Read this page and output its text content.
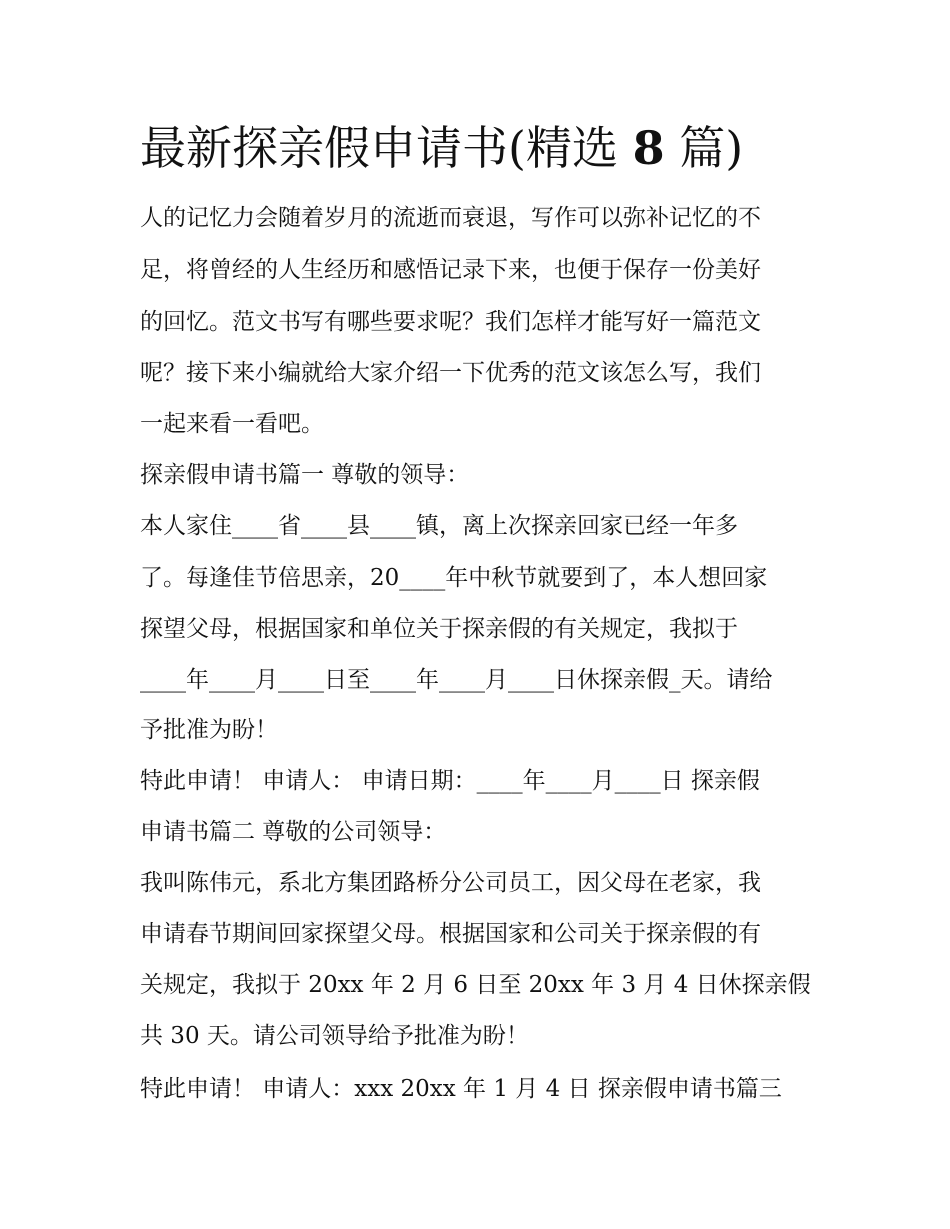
最新探亲假申请书(精选 8 篇)

人的记忆力会随着岁月的流逝而衰退，写作可以弥补记忆的不

足，将曾经的人生经历和感悟记录下来，也便于保存一份美好

的回忆。范文书写有哪些要求呢？我们怎样才能写好一篇范文

呢？接下来小编就给大家介绍一下优秀的范文该怎么写，我们

一起来看一看吧。

探亲假申请书篇一 尊敬的领导：

本人家住____省____县____镇，离上次探亲回家已经一年多

了。每逢佳节倍思亲，20____年中秋节就要到了，本人想回家

探望父母，根据国家和单位关于探亲假的有关规定，我拟于

____年____月____日至____年____月____日休探亲假_天。请给

予批准为盼！

特此申请！ 申请人： 申请日期：____年____月____日 探亲假

申请书篇二 尊敬的公司领导：

我叫陈伟元，系北方集团路桥分公司员工，因父母在老家，我

申请春节期间回家探望父母。根据国家和公司关于探亲假的有

关规定，我拟于 20xx 年 2 月 6 日至 20xx 年 3 月 4 日休探亲假

共 30 天。请公司领导给予批准为盼！

特此申请！ 申请人：xxx 20xx 年 1 月 4 日 探亲假申请书篇三
